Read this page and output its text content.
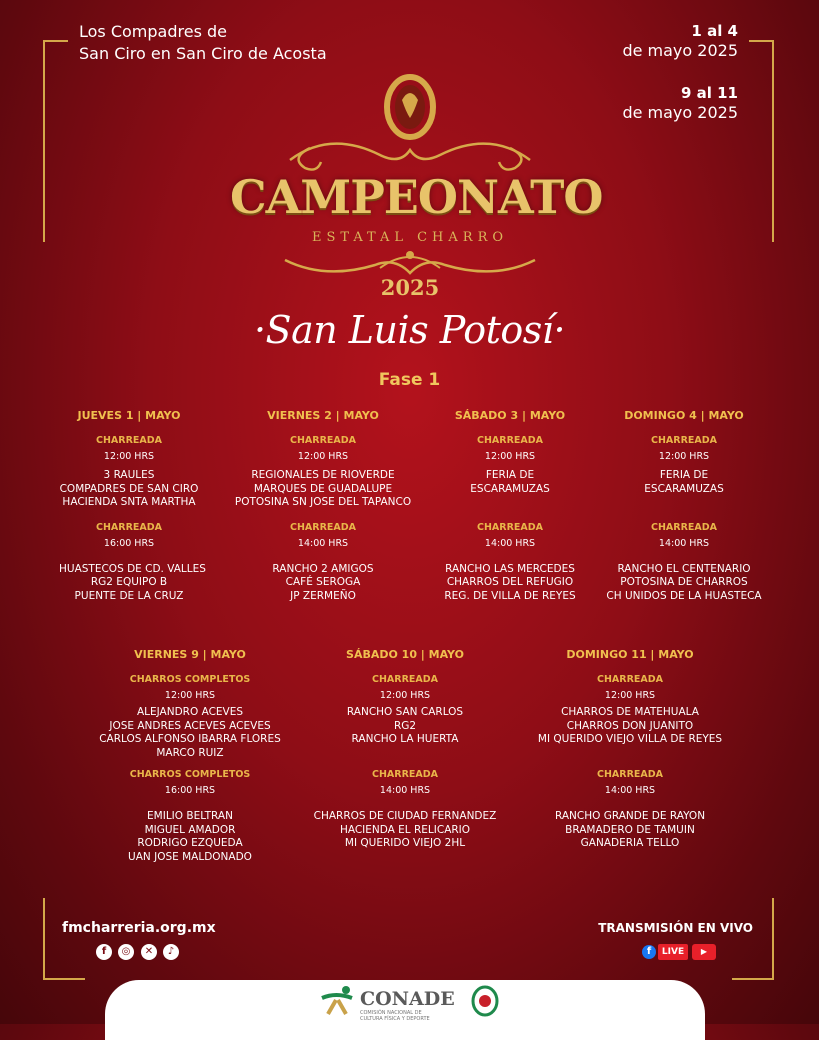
Los Compadres de
San Ciro en San Ciro de Acosta
1 al 4
de mayo 2025
9 al 11
de mayo 2025
CAMPEONATO
ESTATAL CHARRO
2025
·San Luis Potosí·
Fase 1
JUEVES 1 | MAYO
CHARREADA
12:00 HRS
3 RAULES
COMPADRES DE SAN CIRO
HACIENDA SNTA MARTHA
CHARREADA
16:00 HRS
HUASTECOS DE CD. VALLES
RG2 EQUIPO B
PUENTE DE LA CRUZ
VIERNES 2 | MAYO
CHARREADA
12:00 HRS
REGIONALES DE RIOVERDE
MARQUES DE GUADALUPE
POTOSINA SN JOSE DEL TAPANCO
CHARREADA
14:00 HRS
RANCHO 2 AMIGOS
CAFÉ SEROGA
JP ZERMEÑO
SÁBADO 3 | MAYO
CHARREADA
12:00 HRS
FERIA DE
ESCARAMUZAS
CHARREADA
14:00 HRS
RANCHO LAS MERCEDES
CHARROS DEL REFUGIO
REG. DE VILLA DE REYES
DOMINGO 4 | MAYO
CHARREADA
12:00 HRS
FERIA DE
ESCARAMUZAS
CHARREADA
14:00 HRS
RANCHO EL CENTENARIO
POTOSINA DE CHARROS
CH UNIDOS DE LA HUASTECA
VIERNES 9 | MAYO
CHARROS COMPLETOS
12:00 HRS
ALEJANDRO ACEVES
JOSE ANDRES ACEVES ACEVES
CARLOS ALFONSO IBARRA FLORES
MARCO RUIZ
CHARROS COMPLETOS
16:00 HRS
EMILIO BELTRAN
MIGUEL AMADOR
RODRIGO EZQUEDA
UAN JOSE MALDONADO
SÁBADO 10 | MAYO
CHARREADA
12:00 HRS
RANCHO SAN CARLOS
RG2
RANCHO LA HUERTA
CHARREADA
14:00 HRS
CHARROS DE CIUDAD FERNANDEZ
HACIENDA EL RELICARIO
MI QUERIDO VIEJO 2HL
DOMINGO 11 | MAYO
CHARREADA
12:00 HRS
CHARROS DE MATEHUALA
CHARROS DON JUANITO
MI QUERIDO VIEJO VILLA DE REYES
CHARREADA
14:00 HRS
RANCHO GRANDE DE RAYON
BRAMADERO DE TAMUIN
GANADERIA TELLO
fmcharreria.org.mx
f	◎	✕	♪
TRANSMISIÓN EN VIVO
f	LIVE	▶
CONADE
COMISIÓN NACIONAL DE
CULTURA FÍSICA Y DEPORTE
